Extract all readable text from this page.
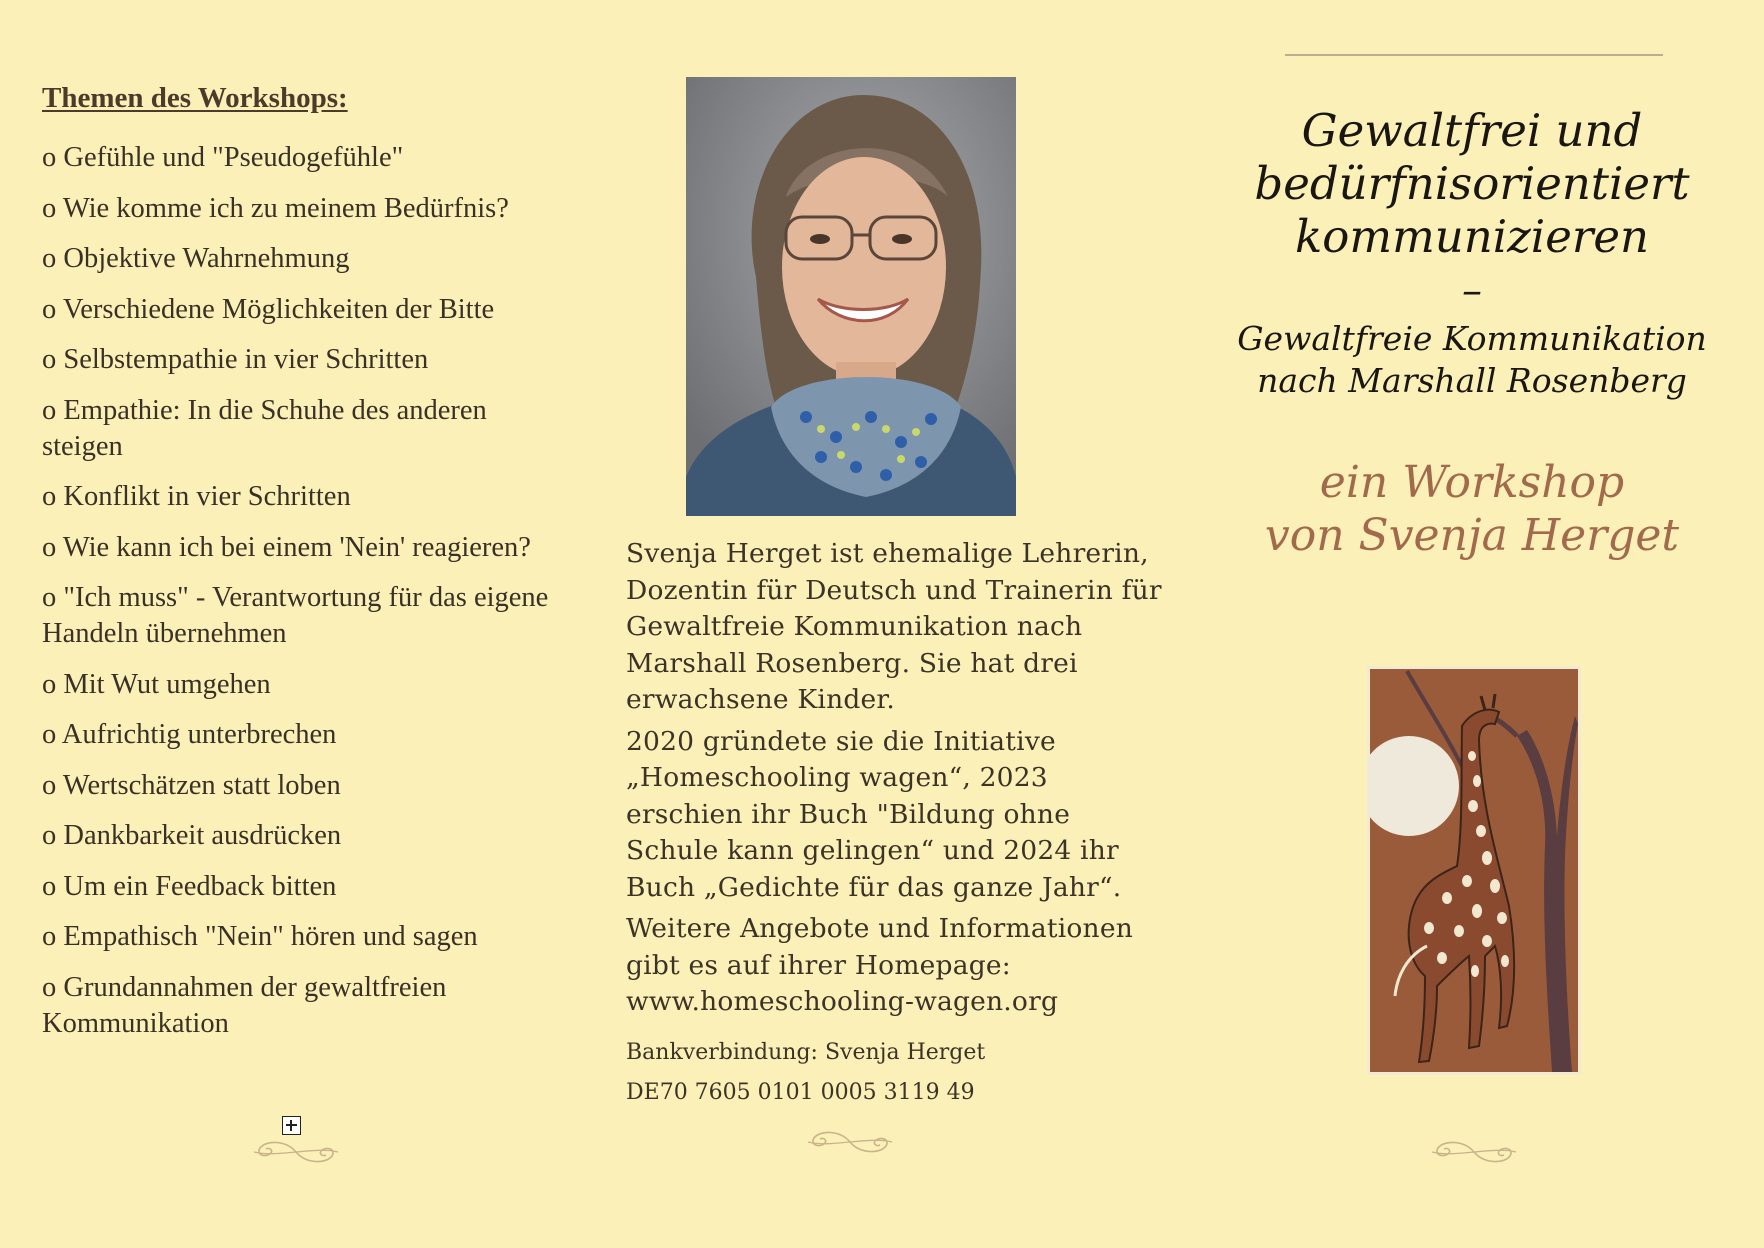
Themen des Workshops:
o Gefühle und "Pseudogefühle"
o Wie komme ich zu meinem Bedürfnis?
o Objektive Wahrnehmung
o Verschiedene Möglichkeiten der Bitte
o Selbstempathie in vier Schritten
o Empathie: In die Schuhe des anderen steigen
o Konflikt in vier Schritten
o Wie kann ich bei einem 'Nein' reagieren?
o "Ich muss" - Verantwortung für das eigene Handeln übernehmen
o Mit Wut umgehen
o Aufrichtig unterbrechen
o Wertschätzen statt loben
o Dankbarkeit ausdrücken
o Um ein Feedback bitten
o Empathisch "Nein" hören und sagen
o Grundannahmen der gewaltfreien Kommunikation

Svenja Herget ist ehemalige Lehrerin, Dozentin für Deutsch und Trainerin für Gewaltfreie Kommunikation nach Marshall Rosenberg. Sie hat drei erwachsene Kinder.

2020 gründete sie die Initiative „Homeschooling wagen“, 2023 erschien ihr Buch "Bildung ohne Schule kann gelingen“ und 2024 ihr Buch „Gedichte für das ganze Jahr“.

Weitere Angebote und Informationen gibt es auf ihrer Homepage: www.homeschooling-wagen.org

Bankverbindung: Svenja Herget
DE70 7605 0101 0005 3119 49
Gewaltfrei und
bedürfnisorientiert
kommunizieren
–
Gewaltfreie Kommunikation
nach Marshall Rosenberg
ein Workshop
von Svenja Herget
